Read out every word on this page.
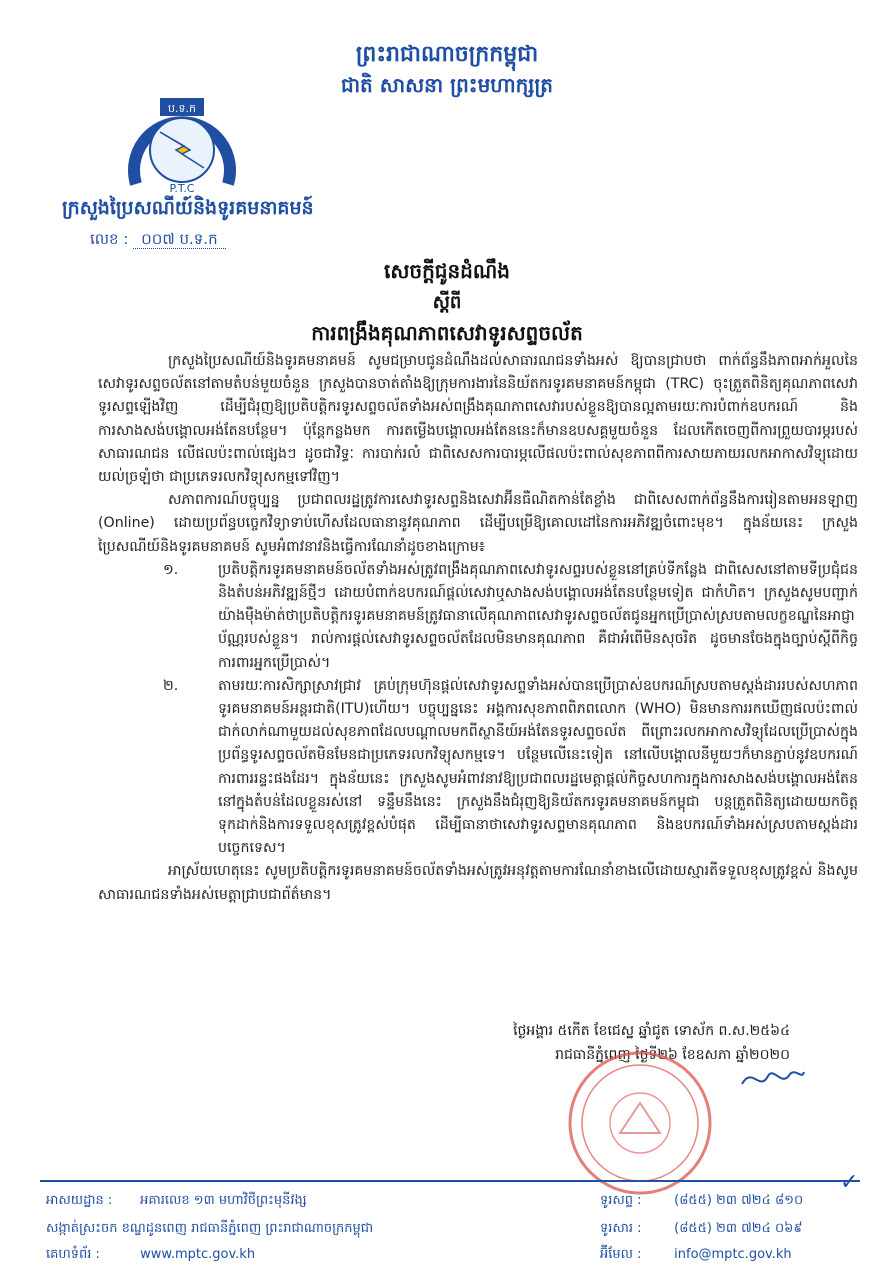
ព្រះរាជាណាចក្រកម្ពុជា
ជាតិ សាសនា ព្រះមហាក្សត្រ
ប.ទ.ក
P.T.C
ក្រសួងប្រៃសណីយ៍និងទូរគមនាគមន៍
លេខ : ០០៧ ប.ទ.ក
សេចក្តីជូនដំណឹង
ស្តីពី
ការពង្រឹងគុណភាពសេវាទូរសព្ទចល័ត

ក្រសួងប្រៃសណីយ៍និងទូរគមនាគមន៍ សូមជម្រាបជូនដំណឹងដល់សាធារណជនទាំងអស់ ឱ្យបានជ្រាបថា ពាក់ព័ន្ធនឹងភាពអាក់អួលនៃសេវាទូរសព្ទចល័តនៅតាមតំបន់មួយចំនួន ក្រសួងបានចាត់តាំងឱ្យក្រុមការងារនៃនិយ័តករទូរគមនាគមន៍កម្ពុជា (TRC) ចុះត្រួតពិនិត្យគុណភាពសេវាទូរសព្ទឡើងវិញ ដើម្បីជំរុញឱ្យប្រតិបត្តិករទូរសព្ទចល័តទាំងអស់ពង្រឹងគុណភាពសេវារបស់ខ្លួនឱ្យបានល្អតាមរយៈការបំពាក់ឧបករណ៍ និងការសាងសង់បង្គោលអង់តែនបន្ថែម។ ប៉ុន្តែកន្លងមក ការតម្លើងបង្គោលអង់តែននេះក៏មានឧបសគ្គមួយចំនួន ដែលកើតចេញពីការព្រួយបារម្ភរបស់សាធារណជន លើផលប៉ះពាល់ផ្សេងៗ ដូចជាវិទ្ធៈ ការបាក់រលំ ជាពិសេសការបារម្ភលើផលប៉ះពាល់សុខភាពពីការសាយភាយរលកអាកាសវិទ្យុដោយយល់ច្រឡំថា ជាប្រភេទរលកវិទ្យុសកម្មទៅវិញ។

សភាពការណ៍បច្ចុប្បន្ន ប្រជាពលរដ្ឋត្រូវការសេវាទូរសព្ទនិងសេវាអ៊ីនធឺណិតកាន់តែខ្លាំង ជាពិសេសពាក់ព័ន្ធនឹងការរៀនតាមអនឡាញ (Online) ដោយប្រព័ន្ធបច្ចេកវិទ្យាទាប់ហើសដែលធានានូវគុណភាព ដើម្បីបម្រើឱ្យគោលដៅនៃការអភិវឌ្ឍចំពោះមុខ។ ក្នុងន័យនេះ ក្រសួងប្រៃសណីយ៍និងទូរគមនាគមន៍ សូមអំពាវនាវនិងធ្វើការណែនាំដូចខាងក្រោម៖

១.	ប្រតិបត្តិករទូរគមនាគមន៍ចល័តទាំងអស់ត្រូវពង្រឹងគុណភាពសេវាទូរសព្ទរបស់ខ្លួននៅគ្រប់ទីកន្លែង ជាពិសេសនៅតាមទីប្រជុំជន និងតំបន់អភិវឌ្ឍន៍ថ្មីៗ ដោយបំពាក់ឧបករណ៍ផ្តល់សេវាឬសាងសង់បង្គោលអង់តែនបន្ថែមទៀត ជាកំហិត។ ក្រសួងសូមបញ្ជាក់យ៉ាងម៉ឺងម៉ាត់ថាប្រតិបត្តិករទូរគមនាគមន៍ត្រូវធានាលើគុណភាពសេវាទូរសព្ទចល័តជូនអ្នកប្រើប្រាស់ស្របតាមលក្ខខណ្ឌនៃអាជ្ញាប័ណ្ណរបស់ខ្លួន។ រាល់ការផ្តល់សេវាទូរសព្ទចល័តដែលមិនមានគុណភាព គឺជាអំពើមិនសុចរិត ដូចមានចែងក្នុងច្បាប់ស្តីពីកិច្ចការពារអ្នកប្រើប្រាស់។
២.	តាមរយៈការសិក្សាស្រាវជ្រាវ គ្រប់ក្រុមហ៊ុនផ្តល់សេវាទូរសព្ទទាំងអស់បានប្រើប្រាស់ឧបករណ៍ស្របតាមស្តង់ដាររបស់សហភាពទូរគមនាគមន៍អន្តរជាតិ(ITU)ហើយ។ បច្ចុប្បន្ននេះ អង្គការសុខភាពពិភពលោក (WHO) មិនមានការរកឃើញផលប៉ះពាល់ជាក់លាក់ណាមួយដល់សុខភាពដែលបណ្តាលមកពីស្ថានីយ៍អង់តែនទូរសព្ទចល័ត ពីព្រោះរលកអាកាសវិទ្យុដែលប្រើប្រាស់ក្នុងប្រព័ន្ធទូរសព្ទចល័តមិនមែនជាប្រភេទរលកវិទ្យុសកម្មទេ។ បន្ថែមលើនេះទៀត នៅលើបង្គោលនីមួយៗក៏មានភ្ជាប់នូវឧបករណ៍ការពាររន្ទះផងដែរ។ ក្នុងន័យនេះ ក្រសួងសូមអំពាវនាវឱ្យប្រជាពលរដ្ឋមេត្តាផ្តល់កិច្ចសហការក្នុងការសាងសង់បង្គោលអង់តែននៅក្នុងតំបន់ដែលខ្លួនរស់នៅ ទន្ទឹមនឹងនេះ ក្រសួងនឹងជំរុញឱ្យនិយ័តករទូរគមនាគមន៍កម្ពុជា បន្តត្រួតពិនិត្យដោយយកចិត្តទុកដាក់និងការទទួលខុសត្រូវខ្ពស់បំផុត ដើម្បីធានាថាសេវាទូរសព្ទមានគុណភាព និងឧបករណ៍ទាំងអស់ស្របតាមស្តង់ដារបច្ចេកទេស។

អាស្រ័យហេតុនេះ សូមប្រតិបត្តិករទូរគមនាគមន៍ចល័តទាំងអស់ត្រូវអនុវត្តតាមការណែនាំខាងលើដោយស្មារតីទទួលខុសត្រូវខ្ពស់ និងសូមសាធារណជនទាំងអស់មេត្តាជ្រាបជាព័ត៌មាន។

ថ្ងៃអង្គារ ៥កើត ខែជេស្ឋ ឆ្នាំជូត ទោស័ក ព.ស.២៥៦៤
រាជធានីភ្នំពេញ ថ្ងៃទី២៦ ខែឧសភា ឆ្នាំ២០២០
✓
អាសយដ្ឋាន : អគារលេខ ១៣ មហាវិថីព្រះមុនីវង្ស
សង្កាត់ស្រះចក ខណ្ឌដូនពេញ រាជធានីភ្នំពេញ ព្រះរាជាណាចក្រកម្ពុជា
គេហទំព័រ :	www.mptc.gov.kh
ទូរសព្ទ :	(៨៥៥) ២៣ ៧២៤ ៨១០
ទូរសារ :	(៨៥៥) ២៣ ៧២៤ ០៦៩
អ៊ីមែល :	info@mptc.gov.kh
